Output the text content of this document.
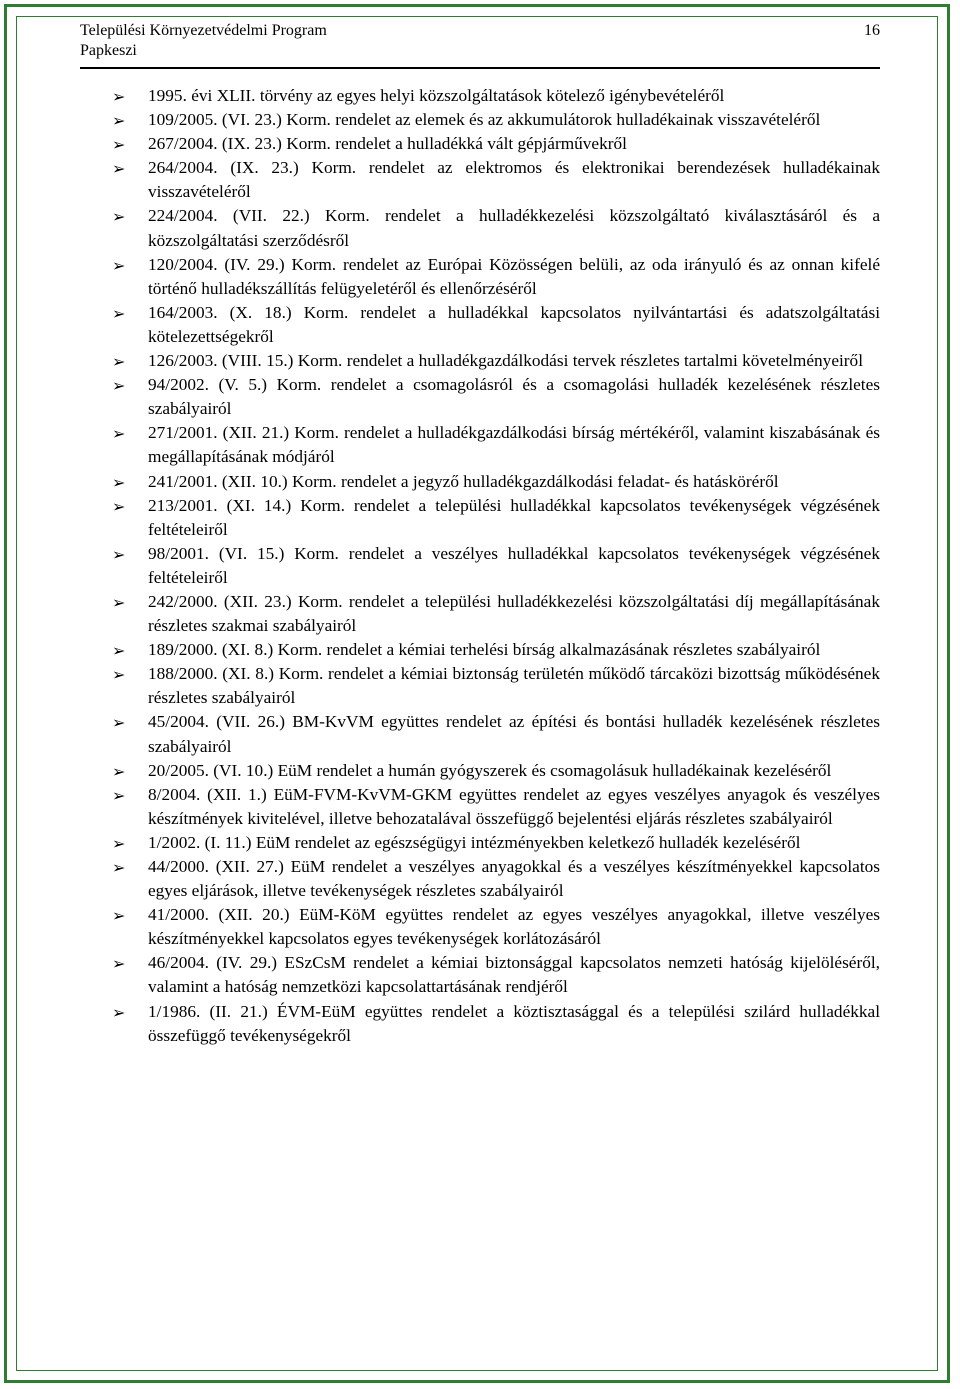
Települési Környezetvédelmi Program
Papkeszi
16
➢ 1995. évi XLII. törvény az egyes helyi közszolgáltatások kötelező igénybevételéről
➢ 109/2005. (VI. 23.) Korm. rendelet az elemek és az akkumulátorok hulladékainak visszavételéről
➢ 267/2004. (IX. 23.) Korm. rendelet a hulladékká vált gépjárművekről
➢ 264/2004. (IX. 23.) Korm. rendelet az elektromos és elektronikai berendezések hulladékainak visszavételéről
➢ 224/2004. (VII. 22.) Korm. rendelet a hulladékkezelési közszolgáltató kiválasztásáról és a közszolgáltatási szerződésről
➢ 120/2004. (IV. 29.) Korm. rendelet az Európai Közösségen belüli, az oda irányuló és az onnan kifelé történő hulladékszállítás felügyeletéről és ellenőrzéséről
➢ 164/2003. (X. 18.) Korm. rendelet a hulladékkal kapcsolatos nyilvántartási és adatszolgáltatási kötelezettségekről
➢ 126/2003. (VIII. 15.) Korm. rendelet a hulladékgazdálkodási tervek részletes tartalmi követelményeiről
➢ 94/2002. (V. 5.) Korm. rendelet a csomagolásról és a csomagolási hulladék kezelésének részletes szabályairól
➢ 271/2001. (XII. 21.) Korm. rendelet a hulladékgazdálkodási bírság mértékéről, valamint kiszabásának és megállapításának módjáról
➢ 241/2001. (XII. 10.) Korm. rendelet a jegyző hulladékgazdálkodási feladat- és hatásköréről
➢ 213/2001. (XI. 14.) Korm. rendelet a települési hulladékkal kapcsolatos tevékenységek végzésének feltételeiről
➢ 98/2001. (VI. 15.) Korm. rendelet a veszélyes hulladékkal kapcsolatos tevékenységek végzésének feltételeiről
➢ 242/2000. (XII. 23.) Korm. rendelet a települési hulladékkezelési közszolgáltatási díj megállapításának részletes szakmai szabályairól
➢ 189/2000. (XI. 8.) Korm. rendelet a kémiai terhelési bírság alkalmazásának részletes szabályairól
➢ 188/2000. (XI. 8.) Korm. rendelet a kémiai biztonság területén működő tárcaközi bizottság működésének részletes szabályairól
➢ 45/2004. (VII. 26.) BM-KvVM együttes rendelet az építési és bontási hulladék kezelésének részletes szabályairól
➢ 20/2005. (VI. 10.) EüM rendelet a humán gyógyszerek és csomagolásuk hulladékainak kezeléséről
➢ 8/2004. (XII. 1.) EüM-FVM-KvVM-GKM együttes rendelet az egyes veszélyes anyagok és veszélyes készítmények kivitelével, illetve behozatalával összefüggő bejelentési eljárás részletes szabályairól
➢ 1/2002. (I. 11.) EüM rendelet az egészségügyi intézményekben keletkező hulladék kezeléséről
➢ 44/2000. (XII. 27.) EüM rendelet a veszélyes anyagokkal és a veszélyes készítményekkel kapcsolatos egyes eljárások, illetve tevékenységek részletes szabályairól
➢ 41/2000. (XII. 20.) EüM-KöM együttes rendelet az egyes veszélyes anyagokkal, illetve veszélyes készítményekkel kapcsolatos egyes tevékenységek korlátozásáról
➢ 46/2004. (IV. 29.) ESzCsM rendelet a kémiai biztonsággal kapcsolatos nemzeti hatóság kijelöléséről, valamint a hatóság nemzetközi kapcsolattartásának rendjéről
➢ 1/1986. (II. 21.) ÉVM-EüM együttes rendelet a köztisztasággal és a települési szilárd hulladékkal összefüggő tevékenységekről
